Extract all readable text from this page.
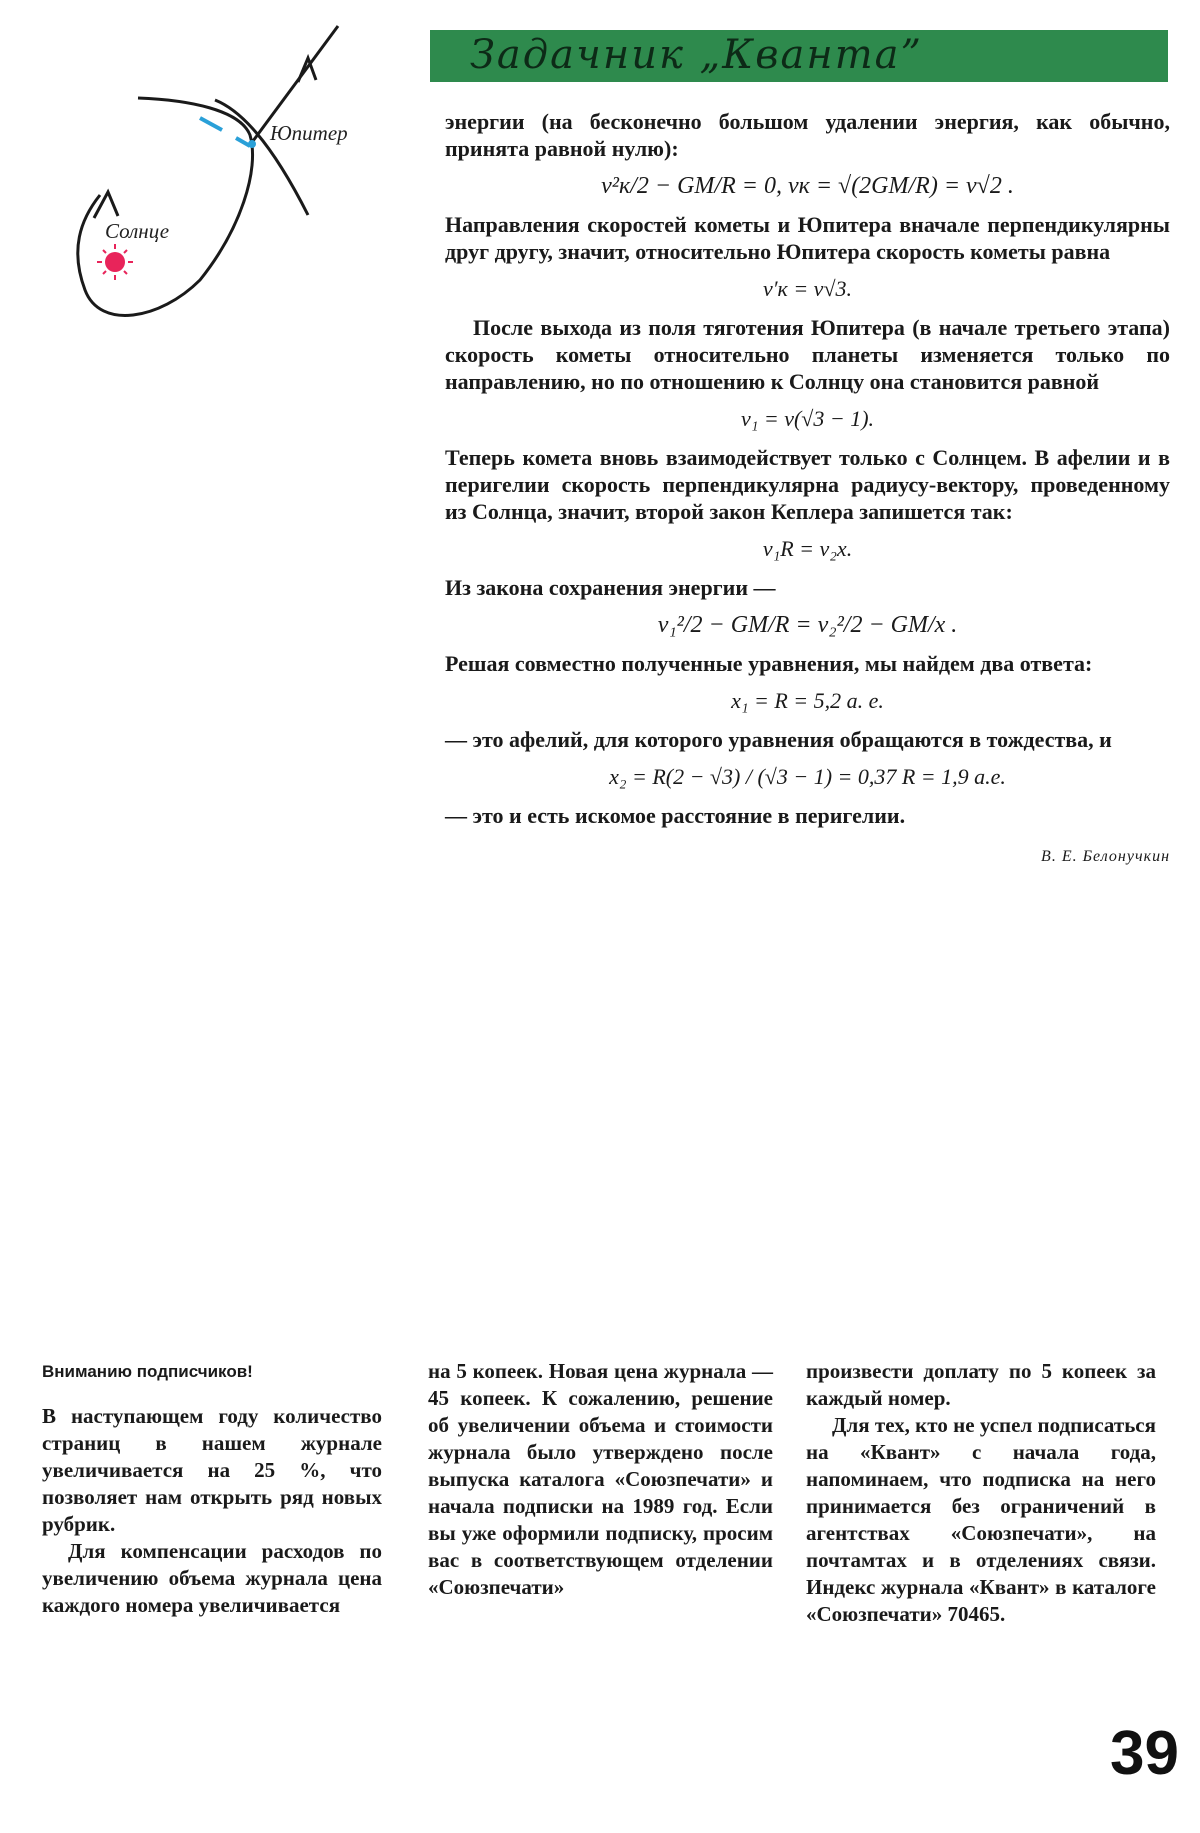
Юпитер
Солнце
Задачник „Кванта”

энергии (на бесконечно большом удалении энергия, как обычно, принята равной нулю):

v²к/2 − GM/R = 0, vк = √(2GM/R) = v√2 .

Направления скоростей кометы и Юпитера вначале перпендикулярны друг другу, значит, относительно Юпитера скорость кометы равна

v′к = v√3.

После выхода из поля тяготения Юпитера (в начале третьего этапа) скорость кометы относительно планеты изменяется только по направлению, но по отношению к Солнцу она становится равной

v₁ = v(√3 − 1).

Теперь комета вновь взаимодействует только с Солнцем. В афелии и в перигелии скорость перпендикулярна радиусу-вектору, проведенному из Солнца, значит, второй закон Кеплера запишется так:

v₁R = v₂x.

Из закона сохранения энергии —

v₁²/2 − GM/R = v₂²/2 − GM/x .

Решая совместно полученные уравнения, мы найдем два ответа:

x₁ = R = 5,2 а. е.

— это афелий, для которого уравнения обращаются в тождества, и

x₂ = R(2 − √3) / (√3 − 1) = 0,37 R = 1,9 а.е.

— это и есть искомое расстояние в перигелии.

В. Е. Белонучкин

Вниманию подписчиков!

В наступающем году количество страниц в нашем журнале увеличивается на 25 %, что позволяет нам открыть ряд новых рубрик.

Для компенсации расходов по увеличению объема журнала цена каждого номера увеличивается

на 5 копеек. Новая цена журнала — 45 копеек. К сожалению, решение об увеличении объема и стоимости журнала было утверждено после выпуска каталога «Союзпечати» и начала подписки на 1989 год. Если вы уже оформили подписку, просим вас в соответствующем отделении «Союзпечати»

произвести доплату по 5 копеек за каждый номер.

Для тех, кто не успел подписаться на «Квант» с начала года, напоминаем, что подписка на него принимается без ограничений в агентствах «Союзпечати», на почтамтах и в отделениях связи. Индекс журнала «Квант» в каталоге «Союзпечати» 70465.

39
